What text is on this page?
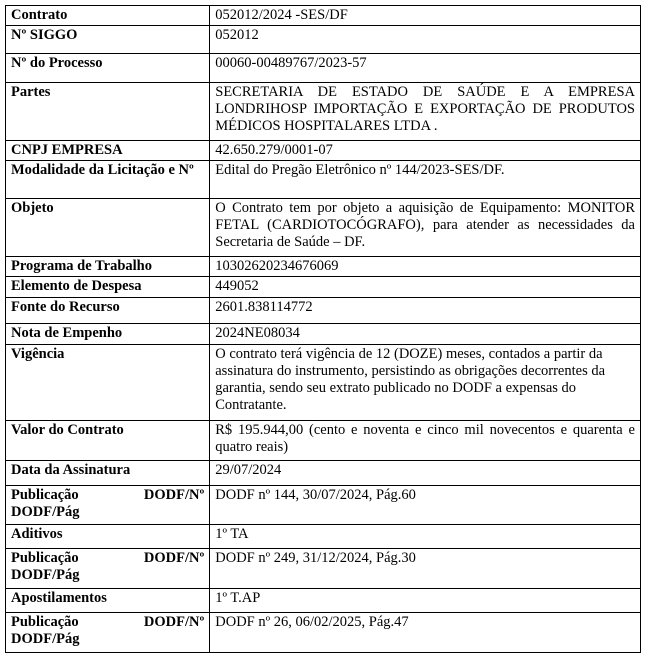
Contrato	052012/2024 -SES/DF
Nº SIGGO	052012
Nº do Processo	00060-00489767/2023-57
Partes	SECRETARIA DE ESTADO DE SAÚDE E A EMPRESA LONDRIHOSP IMPORTAÇÃO E EXPORTAÇÃO DE PRODUTOS MÉDICOS HOSPITALARES LTDA .
CNPJ EMPRESA	42.650.279/0001-07
Modalidade da Licitação e Nº	Edital do Pregão Eletrônico nº 144/2023-SES/DF.
Objeto	O Contrato tem por objeto a aquisição de Equipamento: MONITOR FETAL (CARDIOTOCÓGRAFO), para atender as necessidades da Secretaria de Saúde – DF.
Programa de Trabalho	10302620234676069
Elemento de Despesa	449052
Fonte do Recurso	2601.838114772
Nota de Empenho	2024NE08034
Vigência	O contrato terá vigência de 12 (DOZE) meses, contados a partir da assinatura do instrumento, persistindo as obrigações decorrentes da garantia, sendo seu extrato publicado no DODF a expensas do Contratante.
Valor do Contrato	R$ 195.944,00 (cento e noventa e cinco mil novecentos e quarenta e quatro reais)
Data da Assinatura	29/07/2024

Publicação DODF/Nº
DODF/Pág	DODF nº 144, 30/07/2024, Pág.60
Aditivos	1º TA

Publicação DODF/Nº
DODF/Pág	DODF nº 249, 31/12/2024, Pág.30
Apostilamentos	1º T.AP

Publicação DODF/Nº
DODF/Pág	DODF nº 26, 06/02/2025, Pág.47
